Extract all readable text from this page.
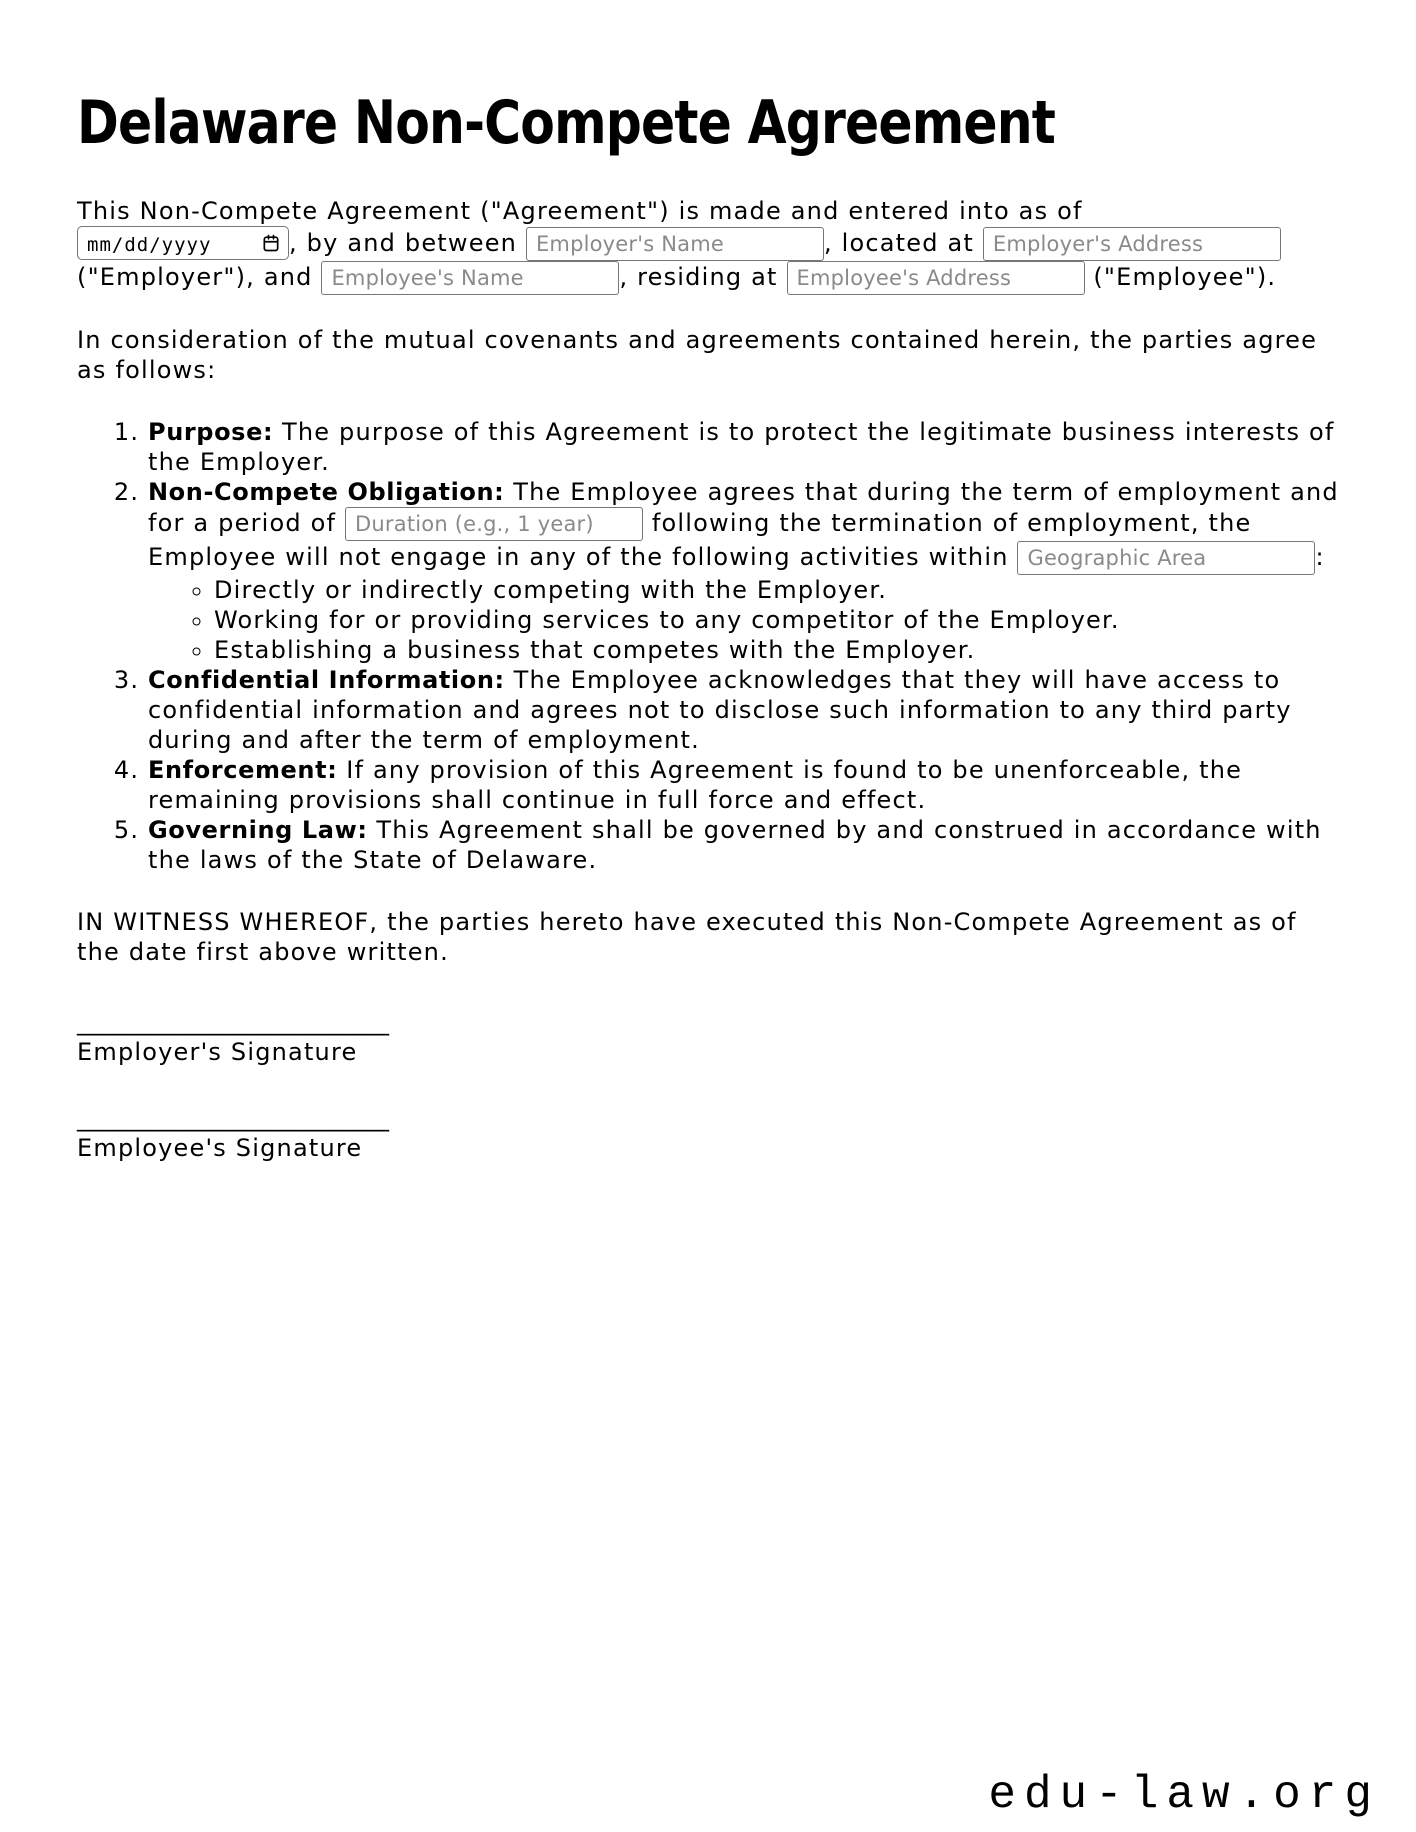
Delaware Non-Compete Agreement

This Non-Compete Agreement ("Agreement") is made and entered into as of
mm/dd/yyyy	, by and between Employer's Name	, located at Employer's Address ("Employer"), and Employee's Name	, residing at Employee's Address	("Employee").

In consideration of the mutual covenants and agreements contained herein, the parties agree as follows:

1. Purpose: The purpose of this Agreement is to protect the legitimate business interests of the Employer.
2. Non-Compete Obligation: The Employee agrees that during the term of employment and for a period of Duration (e.g., 1 year)	following the termination of employment, the Employee will not engage in any of the following activities within Geographic Area	:
◦ Directly or indirectly competing with the Employer.
◦ Working for or providing services to any competitor of the Employer.
◦ Establishing a business that competes with the Employer.
3. Confidential Information: The Employee acknowledges that they will have access to confidential information and agrees not to disclose such information to any third party during and after the term of employment.
4. Enforcement: If any provision of this Agreement is found to be unenforceable, the remaining provisions shall continue in full force and effect.
5. Governing Law: This Agreement shall be governed by and construed in accordance with the laws of the State of Delaware.

IN WITNESS WHEREOF, the parties hereto have executed this Non-Compete Agreement as of the date first above written.

__________________________
Employer's Signature

__________________________
Employee's Signature

edu-law.org
